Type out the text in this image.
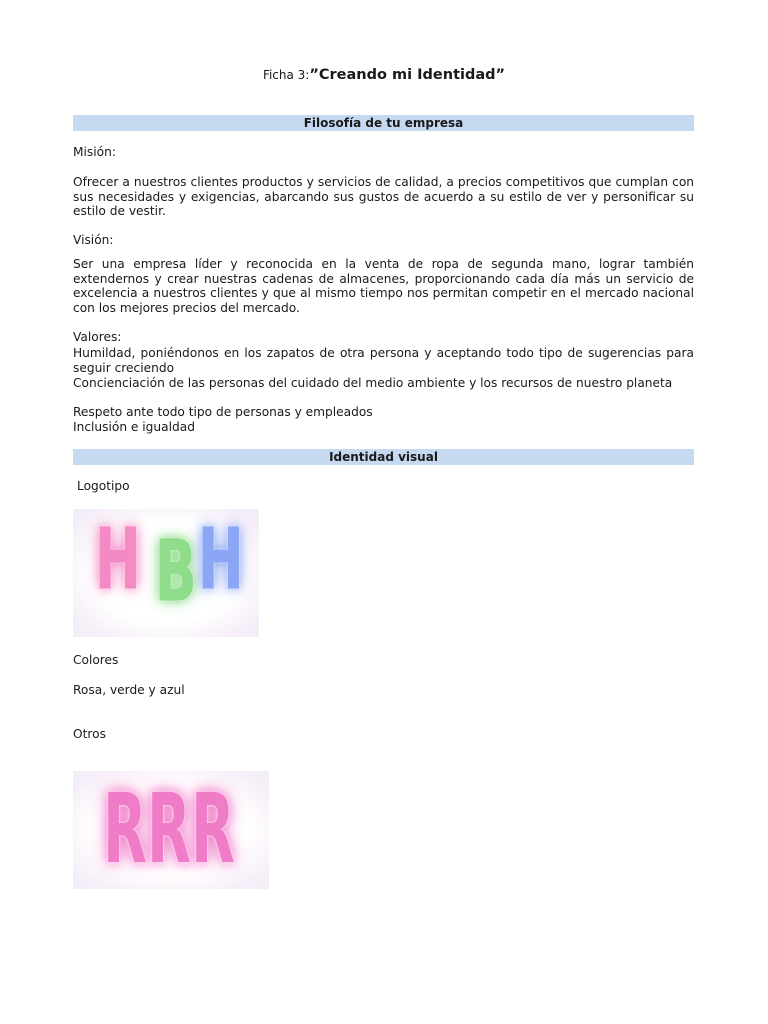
Ficha 3:”Creando mi Identidad”
Filosofía de tu empresa
Misión:
Ofrecer a nuestros clientes productos y servicios de calidad, a precios competitivos que cumplan con sus necesidades y exigencias, abarcando sus gustos de acuerdo a su estilo de ver y personificar su estilo de vestir.
Visión:
Ser una empresa líder y reconocida en la venta de ropa de segunda mano, lograr también extendernos y crear nuestras cadenas de almacenes, proporcionando cada día más un servicio de excelencia a nuestros clientes y que al mismo tiempo nos permitan competir en el mercado nacional con los mejores precios del mercado.
Valores:
Humildad, poniéndonos en los zapatos de otra persona y aceptando todo tipo de sugerencias para seguir creciendo
Concienciación de las personas del cuidado del medio ambiente y los recursos de nuestro planeta
Respeto ante todo tipo de personas y empleados
Inclusión e igualdad
Identidad visual
Logotipo
H B H
Colores
Rosa, verde y azul
Otros
R R R
